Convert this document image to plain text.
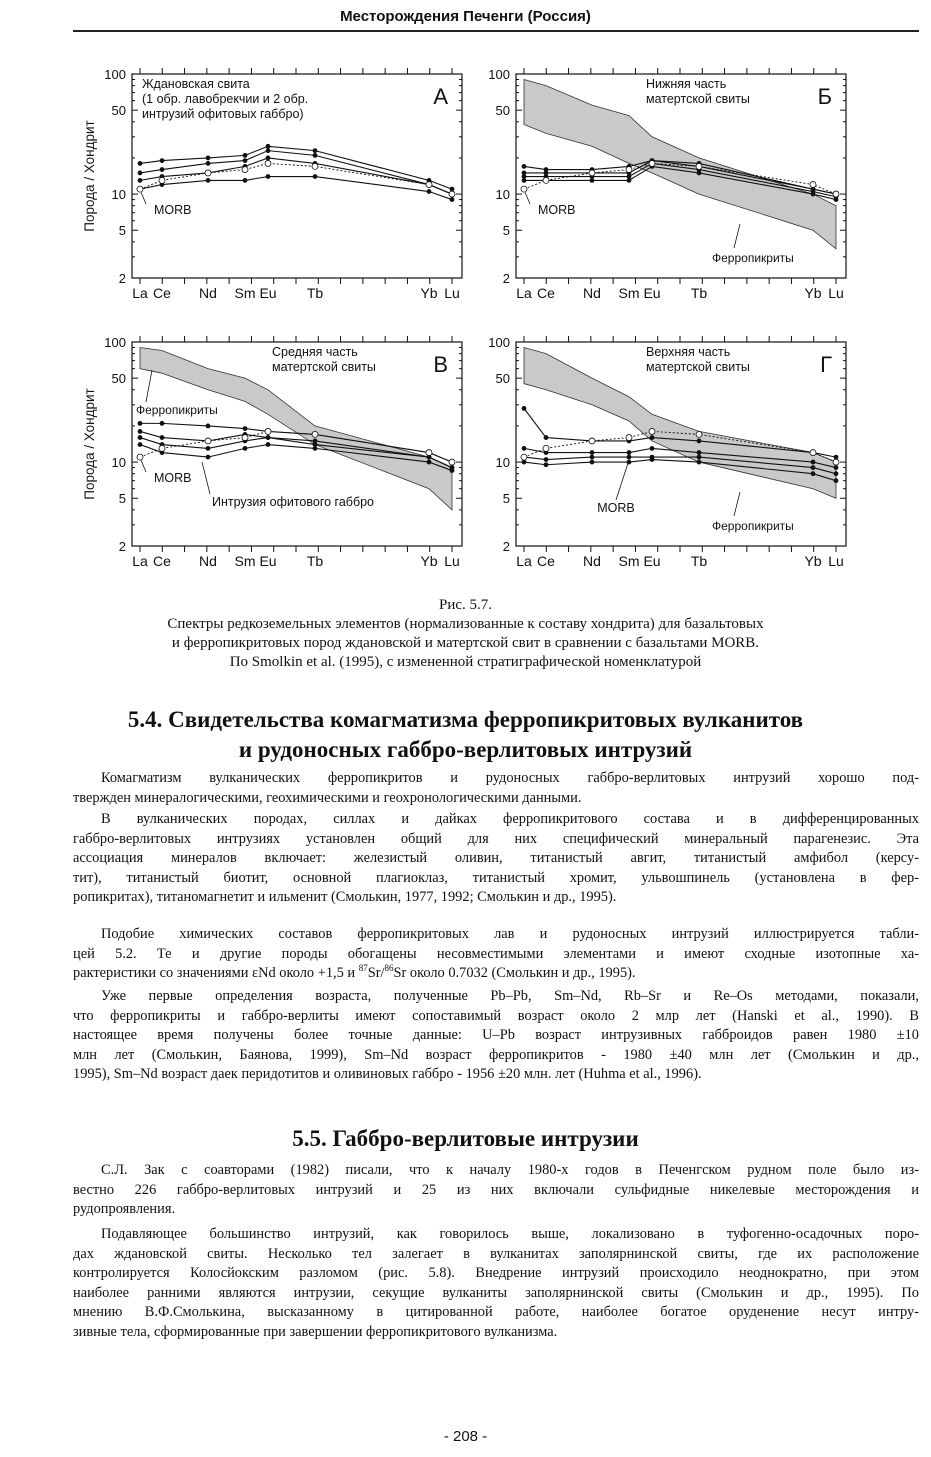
Месторождения Печенги (Россия)
2
5
10
50
100
La Ce Nd Sm Eu Tb	Yb Lu
Порода / Хондрит
А
Ждановская свита
(1 обр. лавобрекчии и 2 обр.
интрузий офитовых габбро)
MORB
2
5
10
50
100
La Ce Nd Sm Eu Tb	Yb Lu
Б
Нижняя часть
матертской свиты
MORB
Ферропикриты
2
5
10
50
100
La Ce Nd Sm Eu Tb	Yb Lu
Порода / Хондрит
В
Средняя часть
матертской свиты
MORB
Ферропикриты
Интрузия офитового габбро
2
5
10
50
100
La Ce Nd Sm Eu Tb	Yb Lu
Г
Верхняя часть
матертской свиты
MORB
Ферропикриты
Рис. 5.7.
Спектры редкоземельных элементов (нормализованные к составу хондрита) для базальтовых
и ферропикритовых пород ждановской и матертской свит в сравнении с базальтами MORB.
По Smolkin et al. (1995), с измененной стратиграфической номенклатурой
5.4. Свидетельства комагматизма ферропикритовых вулканитов
и рудоносных габбро-верлитовых интрузий
Комагматизм вулканических ферропикритов и рудоносных габбро-верлитовых интрузий хорошо под-
твержден минералогическими, геохимическими и геохронологическими данными.
В вулканических породах, силлах и дайках ферропикритового состава и в дифференцированных
габбро-верлитовых интрузиях установлен общий для них специфический минеральный парагенезис. Эта
ассоциация минералов включает: железистый оливин, титанистый авгит, титанистый амфибол (керсу-
тит), титанистый биотит, основной плагиоклаз, титанистый хромит, ульвошпинель (установлена в фер-
ропикритах), титаномагнетит и ильменит (Смолькин, 1977, 1992; Смолькин и др., 1995).
Подобие химических составов ферропикритовых лав и рудоносных интрузий иллюстрируется табли-
цей 5.2. Те и другие породы обогащены несовместимыми элементами и имеют сходные изотопные ха-
рактеристики со значениями εNd около +1,5 и $^{87}$Sr/$^{86}$Sr около 0.7032 (Смолькин и др., 1995).
Уже первые определения возраста, полученные Pb–Pb, Sm–Nd, Rb–Sr и Re–Os методами, показали,
что ферропикриты и габбро-верлиты имеют сопоставимый возраст около 2 млр лет (Hanski et al., 1990). В
настоящее время получены более точные данные: U–Pb возраст интрузивных габброидов равен 1980 ±10
млн лет (Смолькин, Баянова, 1999), Sm–Nd возраст ферропикритов - 1980 ±40 млн лет (Смолькин и др.,
1995), Sm–Nd возраст даек перидотитов и оливиновых габбро - 1956 ±20 млн. лет (Huhma et al., 1996).
5.5. Габбро-верлитовые интрузии
С.Л. Зак с соавторами (1982) писали, что к началу 1980-х годов в Печенгском рудном поле было из-
вестно 226 габбро-верлитовых интрузий и 25 из них включали сульфидные никелевые месторождения и
рудопроявления.
Подавляющее большинство интрузий, как говорилось выше, локализовано в туфогенно-осадочных поро-
дах ждановской свиты. Несколько тел залегает в вулканитах заполярнинской свиты, где их расположение
контролируется Колосйокским разломом (рис. 5.8). Внедрение интрузий происходило неоднократно, при этом
наиболее ранними являются интрузии, секущие вулканиты заполярнинской свиты (Смолькин и др., 1995). По
мнению В.Ф.Смолькина, высказанному в цитированной работе, наиболее богатое оруденение несут интру-
зивные тела, сформированные при завершении ферропикритового вулканизма.
- 208 -
